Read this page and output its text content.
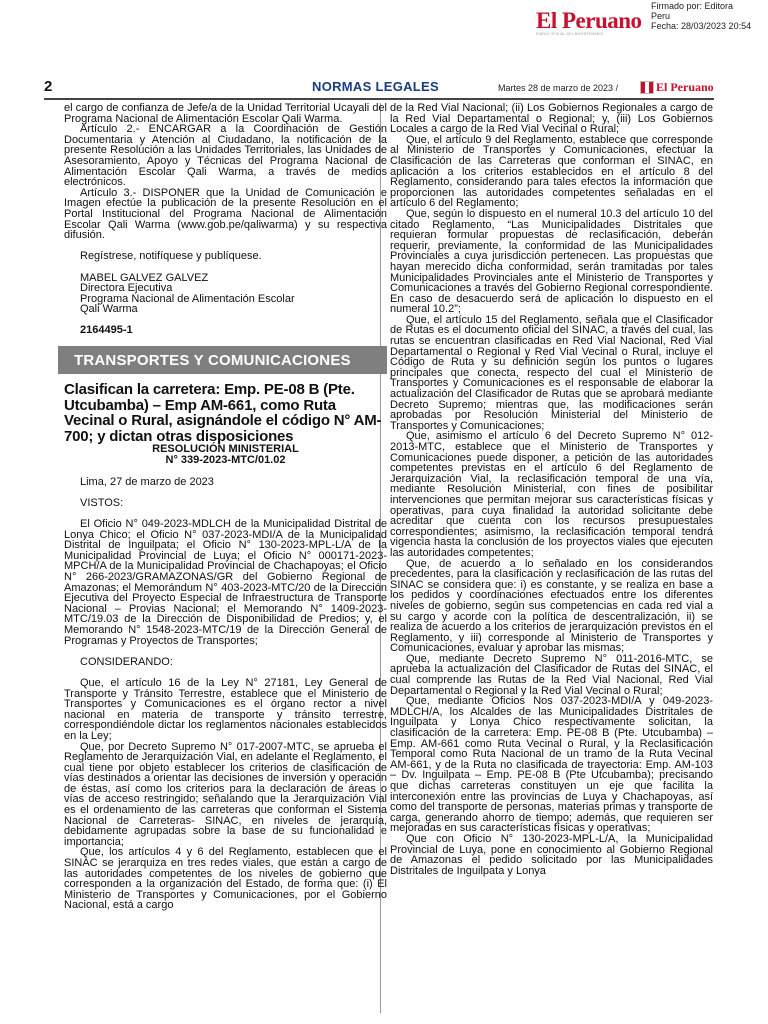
El Peruano
DIARIO OFICIAL DEL BICENTENARIO
Firmado por: Editora
Peru
Fecha: 28/03/2023 20:54
2	NORMAS LEGALES	Martes 28 de marzo de 2023 /	El Peruano

el cargo de confianza de Jefe/a de la Unidad Territorial Ucayali del Programa Nacional de Alimentación Escolar Qali Warma.

Artículo 2.- ENCARGAR a la Coordinación de Gestión Documentaria y Atención al Ciudadano, la notificación de la presente Resolución a las Unidades Territoriales, las Unidades de Asesoramiento, Apoyo y Técnicas del Programa Nacional de Alimentación Escolar Qali Warma, a través de medios electrónicos.

Artículo 3.- DISPONER que la Unidad de Comunicación e Imagen efectúe la publicación de la presente Resolución en el Portal Institucional del Programa Nacional de Alimentación Escolar Qali Warma (www.gob.pe/qaliwarma) y su respectiva difusión.

Regístrese, notifíquese y publíquese.

MABEL GALVEZ GALVEZ

Directora Ejecutiva

Programa Nacional de Alimentación Escolar

Qali Warma

2164495-1

TRANSPORTES Y COMUNICACIONES

Clasifican la carretera: Emp. PE-08 B (Pte. Utcubamba) – Emp AM-661, como Ruta Vecinal o Rural, asignándole el código N° AM-700; y dictan otras disposiciones

RESOLUCIÓN MINISTERIAL

N° 339-2023-MTC/01.02

Lima, 27 de marzo de 2023

VISTOS:

El Oficio N° 049-2023-MDLCH de la Municipalidad Distrital de Lonya Chico; el Oficio N° 037-2023-MDI/A de la Municipalidad Distrital de Inguilpata; el Oficio N° 130-2023-MPL-L/A de la Municipalidad Provincial de Luya; el Oficio N° 000171-2023-MPCH/A de la Municipalidad Provincial de Chachapoyas; el Oficio N° 266-2023/GRAMAZONAS/GR del Gobierno Regional de Amazonas; el Memorándum N° 403-2023-MTC/20 de la Dirección Ejecutiva del Proyecto Especial de Infraestructura de Transporte Nacional – Provias Nacional; el Memorando N° 1409-2023-MTC/19.03 de la Dirección de Disponibilidad de Predios; y, el Memorando N° 1548-2023-MTC/19 de la Dirección General de Programas y Proyectos de Transportes;

CONSIDERANDO:

Que, el artículo 16 de la Ley N° 27181, Ley General de Transporte y Tránsito Terrestre, establece que el Ministerio de Transportes y Comunicaciones es el órgano rector a nivel nacional en materia de transporte y tránsito terrestre, correspondiéndole dictar los reglamentos nacionales establecidos en la Ley;

Que, por Decreto Supremo N° 017-2007-MTC, se aprueba el Reglamento de Jerarquización Vial, en adelante el Reglamento, el cual tiene por objeto establecer los criterios de clasificación de vías destinados a orientar las decisiones de inversión y operación de éstas, así como los criterios para la declaración de áreas o vías de acceso restringido; señalando que la Jerarquización Vial es el ordenamiento de las carreteras que conforman el Sistema Nacional de Carreteras- SINAC, en niveles de jerarquía, debidamente agrupadas sobre la base de su funcionalidad e importancia;

Que, los artículos 4 y 6 del Reglamento, establecen que el SINAC se jerarquiza en tres redes viales, que están a cargo de las autoridades competentes de los niveles de gobierno que corresponden a la organización del Estado, de forma que: (i) El Ministerio de Transportes y Comunicaciones, por el Gobierno Nacional, está a cargo

de la Red Vial Nacional; (ii) Los Gobiernos Regionales a cargo de la Red Vial Departamental o Regional; y, (iii) Los Gobiernos Locales a cargo de la Red Vial Vecinal o Rural;

Que, el artículo 9 del Reglamento, establece que corresponde al Ministerio de Transportes y Comunicaciones, efectuar la Clasificación de las Carreteras que conforman el SINAC, en aplicación a los criterios establecidos en el artículo 8 del Reglamento, considerando para tales efectos la información que proporcionen las autoridades competentes señaladas en el artículo 6 del Reglamento;

Que, según lo dispuesto en el numeral 10.3 del artículo 10 del citado Reglamento, “Las Municipalidades Distritales que requieran formular propuestas de reclasificación, deberán requerir, previamente, la conformidad de las Municipalidades Provinciales a cuya jurisdicción pertenecen. Las propuestas que hayan merecido dicha conformidad, serán tramitadas por tales Municipalidades Provinciales ante el Ministerio de Transportes y Comunicaciones a través del Gobierno Regional correspondiente. En caso de desacuerdo será de aplicación lo dispuesto en el numeral 10.2”;

Que, el artículo 15 del Reglamento, señala que el Clasificador de Rutas es el documento oficial del SINAC, a través del cual, las rutas se encuentran clasificadas en Red Vial Nacional, Red Vial Departamental o Regional y Red Vial Vecinal o Rural, incluye el Código de Ruta y su definición según los puntos o lugares principales que conecta, respecto del cual el Ministerio de Transportes y Comunicaciones es el responsable de elaborar la actualización del Clasificador de Rutas que se aprobará mediante Decreto Supremo; mientras que, las modificaciones serán aprobadas por Resolución Ministerial del Ministerio de Transportes y Comunicaciones;

Que, asimismo el artículo 6 del Decreto Supremo N° 012-2013-MTC, establece que el Ministerio de Transportes y Comunicaciones puede disponer, a petición de las autoridades competentes previstas en el artículo 6 del Reglamento de Jerarquización Vial, la reclasificación temporal de una vía, mediante Resolución Ministerial, con fines de posibilitar intervenciones que permitan mejorar sus características físicas y operativas, para cuya finalidad la autoridad solicitante debe acreditar que cuenta con los recursos presupuestales correspondientes; asimismo, la reclasificación temporal tendrá vigencia hasta la conclusión de los proyectos viales que ejecuten las autoridades competentes;

Que, de acuerdo a lo señalado en los considerandos precedentes, para la clasificación y reclasificación de las rutas del SINAC se considera que: i) es constante, y se realiza en base a los pedidos y coordinaciones efectuados entre los diferentes niveles de gobierno, según sus competencias en cada red vial a su cargo y acorde con la política de descentralización, ii) se realiza de acuerdo a los criterios de jerarquización previstos en el Reglamento, y iii) corresponde al Ministerio de Transportes y Comunicaciones, evaluar y aprobar las mismas;

Que, mediante Decreto Supremo N° 011-2016-MTC, se aprueba la actualización del Clasificador de Rutas del SINAC, el cual comprende las Rutas de la Red Vial Nacional, Red Vial Departamental o Regional y la Red Vial Vecinal o Rural;

Que, mediante Oficios Nos 037-2023-MDI/A y 049-2023-MDLCH/A, los Alcaldes de las Municipalidades Distritales de Inguilpata y Lonya Chico respectivamente solicitan, la clasificación de la carretera: Emp. PE-08 B (Pte. Utcubamba) – Emp. AM-661 como Ruta Vecinal o Rural, y la Reclasificación Temporal como Ruta Nacional de un tramo de la Ruta Vecinal AM-661, y de la Ruta no clasificada de trayectoria: Emp. AM-103 – Dv. Inguilpata – Emp. PE-08 B (Pte Utcubamba); precisando que dichas carreteras constituyen un eje que facilita la interconexión entre las provincias de Luya y Chachapoyas, así como del transporte de personas, materias primas y transporte de carga, generando ahorro de tiempo; además, que requieren ser mejoradas en sus características físicas y operativas;

Que con Oficio N° 130-2023-MPL-L/A, la Municipalidad Provincial de Luya, pone en conocimiento al Gobierno Regional de Amazonas el pedido solicitado por las Municipalidades Distritales de Inguilpata y Lonya
